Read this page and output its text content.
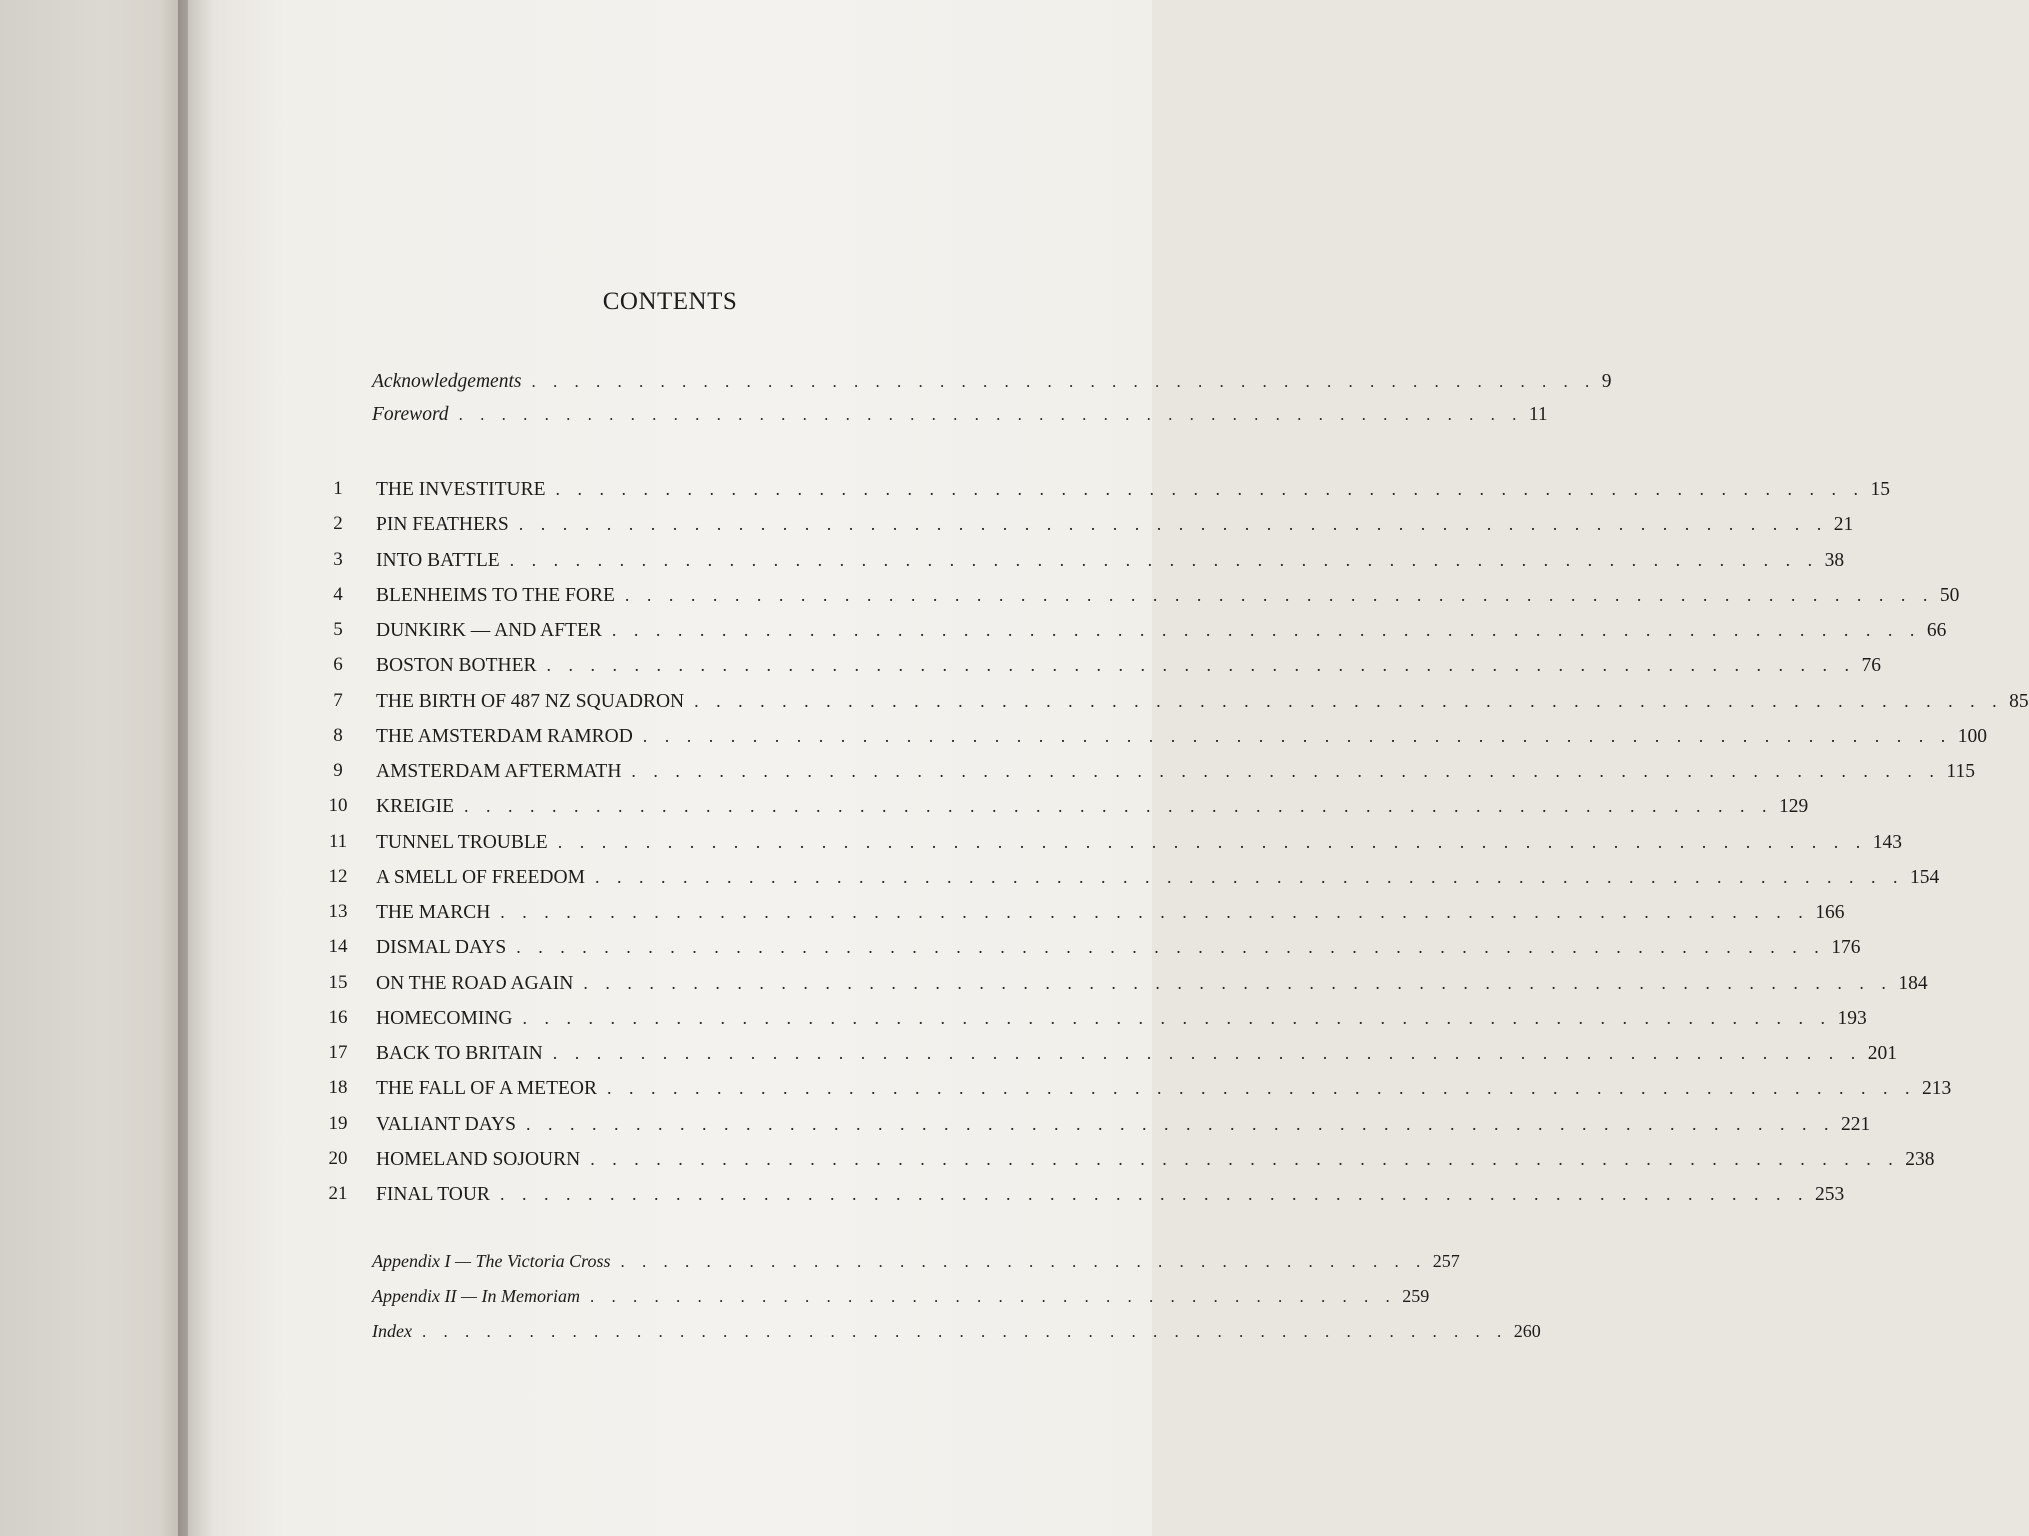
CONTENTS
Acknowledgements . . . . . . . . . . . . . . . . . . . . . . . . . . . . . . . . . . . . . . . . . . . . . . . . . . 9
Foreword . . . . . . . . . . . . . . . . . . . . . . . . . . . . . . . . . . . . . . . . . . . . . . . . . . 11
1	THE INVESTITURE . . . . . . . . . . . . . . . . . . . . . . . . . . . . . . . . . . . . . . . . . . . . . . . . . . . . . . . . . . . . 15
2	PIN FEATHERS . . . . . . . . . . . . . . . . . . . . . . . . . . . . . . . . . . . . . . . . . . . . . . . . . . . . . . . . . . . . 21
3	INTO BATTLE . . . . . . . . . . . . . . . . . . . . . . . . . . . . . . . . . . . . . . . . . . . . . . . . . . . . . . . . . . . . 38
4	BLENHEIMS TO THE FORE . . . . . . . . . . . . . . . . . . . . . . . . . . . . . . . . . . . . . . . . . . . . . . . . . . . . . . . . . . . . 50
5	DUNKIRK — AND AFTER . . . . . . . . . . . . . . . . . . . . . . . . . . . . . . . . . . . . . . . . . . . . . . . . . . . . . . . . . . . . 66
6	BOSTON BOTHER . . . . . . . . . . . . . . . . . . . . . . . . . . . . . . . . . . . . . . . . . . . . . . . . . . . . . . . . . . . . 76
7	THE BIRTH OF 487 NZ SQUADRON . . . . . . . . . . . . . . . . . . . . . . . . . . . . . . . . . . . . . . . . . . . . . . . . . . . . . . . . . . . . 85
8	THE AMSTERDAM RAMROD . . . . . . . . . . . . . . . . . . . . . . . . . . . . . . . . . . . . . . . . . . . . . . . . . . . . . . . . . . . . 100
9	AMSTERDAM AFTERMATH . . . . . . . . . . . . . . . . . . . . . . . . . . . . . . . . . . . . . . . . . . . . . . . . . . . . . . . . . . . . 115
10	KREIGIE . . . . . . . . . . . . . . . . . . . . . . . . . . . . . . . . . . . . . . . . . . . . . . . . . . . . . . . . . . . . 129
11	TUNNEL TROUBLE . . . . . . . . . . . . . . . . . . . . . . . . . . . . . . . . . . . . . . . . . . . . . . . . . . . . . . . . . . . . 143
12	A SMELL OF FREEDOM . . . . . . . . . . . . . . . . . . . . . . . . . . . . . . . . . . . . . . . . . . . . . . . . . . . . . . . . . . . . 154
13	THE MARCH . . . . . . . . . . . . . . . . . . . . . . . . . . . . . . . . . . . . . . . . . . . . . . . . . . . . . . . . . . . . 166
14	DISMAL DAYS . . . . . . . . . . . . . . . . . . . . . . . . . . . . . . . . . . . . . . . . . . . . . . . . . . . . . . . . . . . . 176
15	ON THE ROAD AGAIN . . . . . . . . . . . . . . . . . . . . . . . . . . . . . . . . . . . . . . . . . . . . . . . . . . . . . . . . . . . . 184
16	HOMECOMING . . . . . . . . . . . . . . . . . . . . . . . . . . . . . . . . . . . . . . . . . . . . . . . . . . . . . . . . . . . . 193
17	BACK TO BRITAIN . . . . . . . . . . . . . . . . . . . . . . . . . . . . . . . . . . . . . . . . . . . . . . . . . . . . . . . . . . . . 201
18	THE FALL OF A METEOR . . . . . . . . . . . . . . . . . . . . . . . . . . . . . . . . . . . . . . . . . . . . . . . . . . . . . . . . . . . . 213
19	VALIANT DAYS . . . . . . . . . . . . . . . . . . . . . . . . . . . . . . . . . . . . . . . . . . . . . . . . . . . . . . . . . . . . 221
20	HOMELAND SOJOURN . . . . . . . . . . . . . . . . . . . . . . . . . . . . . . . . . . . . . . . . . . . . . . . . . . . . . . . . . . . . 238
21	FINAL TOUR . . . . . . . . . . . . . . . . . . . . . . . . . . . . . . . . . . . . . . . . . . . . . . . . . . . . . . . . . . . . 253
Appendix I — The Victoria Cross . . . . . . . . . . . . . . . . . . . . . . . . . . . . . . . . . . . . . . 257
Appendix II — In Memoriam . . . . . . . . . . . . . . . . . . . . . . . . . . . . . . . . . . . . . . 259
Index . . . . . . . . . . . . . . . . . . . . . . . . . . . . . . . . . . . . . . . . . . . . . . . . . . . 260
